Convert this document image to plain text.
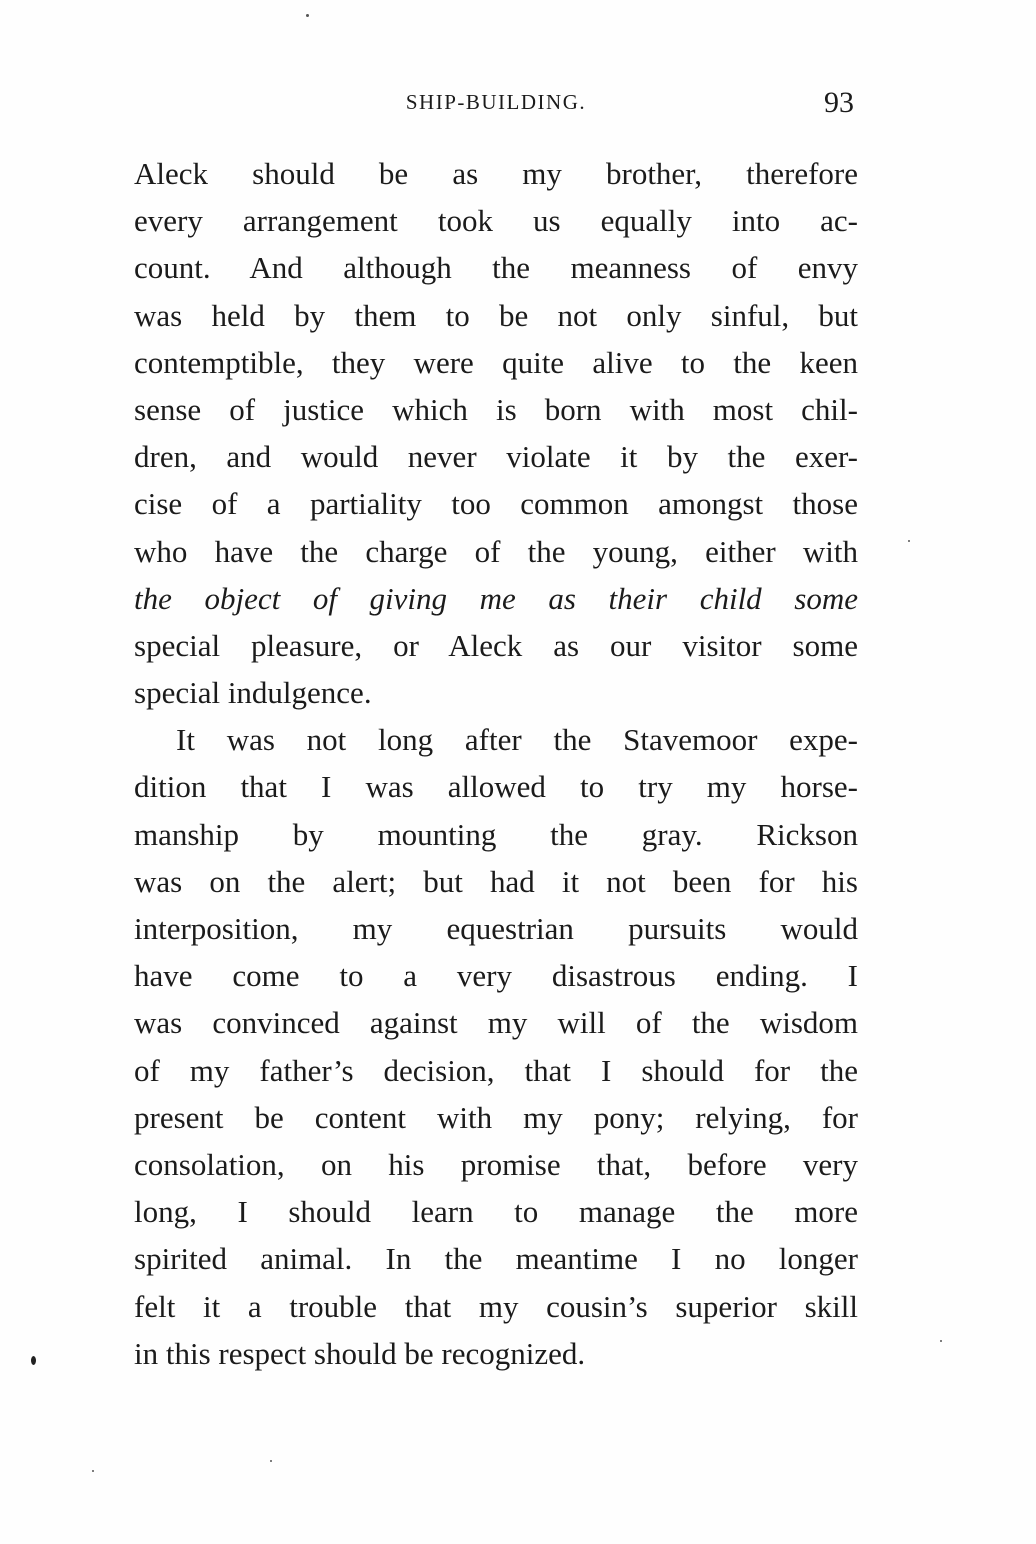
SHIP-BUILDING.	93
Aleck should be as my brother, therefore
every arrangement took us equally into ac-
count. And although the meanness of envy
was held by them to be not only sinful, but
contemptible, they were quite alive to the keen
sense of justice which is born with most chil-
dren, and would never violate it by the exer-
cise of a partiality too common amongst those
who have the charge of the young, either with
the object of giving me as their child some
special pleasure, or Aleck as our visitor some
special indulgence.
It was not long after the Stavemoor expe-
dition that I was allowed to try my horse-
manship by mounting the gray. Rickson
was on the alert; but had it not been for his
interposition, my equestrian pursuits would
have come to a very disastrous ending. I
was convinced against my will of the wisdom
of my father’s decision, that I should for the
present be content with my pony; relying, for
consolation, on his promise that, before very
long, I should learn to manage the more
spirited animal. In the meantime I no longer
felt it a trouble that my cousin’s superior skill
in this respect should be recognized.
